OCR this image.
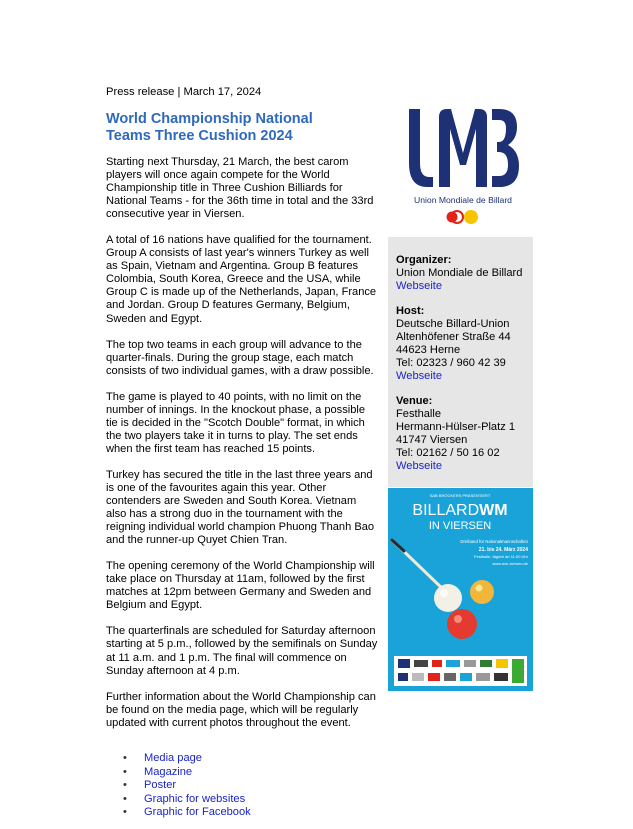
Press release | March 17, 2024
World Championship National Teams Three Cushion 2024

Starting next Thursday, 21 March, the best carom players will once again compete for the World Championship title in Three Cushion Billiards for National Teams - for the 36th time in total and the 33rd consecutive year in Viersen.

A total of 16 nations have qualified for the tournament. Group A consists of last year's winners Turkey as well as Spain, Vietnam and Argentina. Group B features Colombia, South Korea, Greece and the USA, while Group C is made up of the Netherlands, Japan, France and Jordan. Group D features Germany, Belgium, Sweden and Egypt.

The top two teams in each group will advance to the quarter-finals. During the group stage, each match consists of two individual games, with a draw possible.

The game is played to 40 points, with no limit on the number of innings. In the knockout phase, a possible tie is decided in the "Scotch Double" format, in which the two players take it in turns to play. The set ends when the first team has reached 15 points.

Turkey has secured the title in the last three years and is one of the favourites again this year. Other contenders are Sweden and South Korea. Vietnam also has a strong duo in the tournament with the reigning individual world champion Phuong Thanh Bao and the runner-up Quyet Chien Tran.

The opening ceremony of the World Championship will take place on Thursday at 11am, followed by the first matches at 12pm between Germany and Sweden and Belgium and Egypt.

The quarterfinals are scheduled for Saturday afternoon starting at 5 p.m., followed by the semifinals on Sunday at 11 a.m. and 1 p.m. The final will commence on Sunday afternoon at 4 p.m.

Further information about the World Championship can be found on the media page, which will be regularly updated with current photos throughout the event.

• Media page
• Magazine
• Poster
• Graphic for websites
• Graphic for Facebook
Union Mondiale de Billard
Organizer:
Union Mondiale de Billard
Webseite
Host:
Deutsche Billard-Union
Altenhöfener Straße 44
44623 Herne
Tel: 02323 / 960 42 39
Webseite
Venue:
Festhalle
Hermann-Hülser-Platz 1
41747 Viersen
Tel: 02162 / 50 16 02
Webseite
SAB BRÖCKERS PRÄSENTIERT
BILLARDWM
IN VIERSEN
Dreiband für Nationalmannschaften
21. bis 24. März 2024
Festhalle, täglich ab 11:00 Uhr
www.wm-viersen.de
